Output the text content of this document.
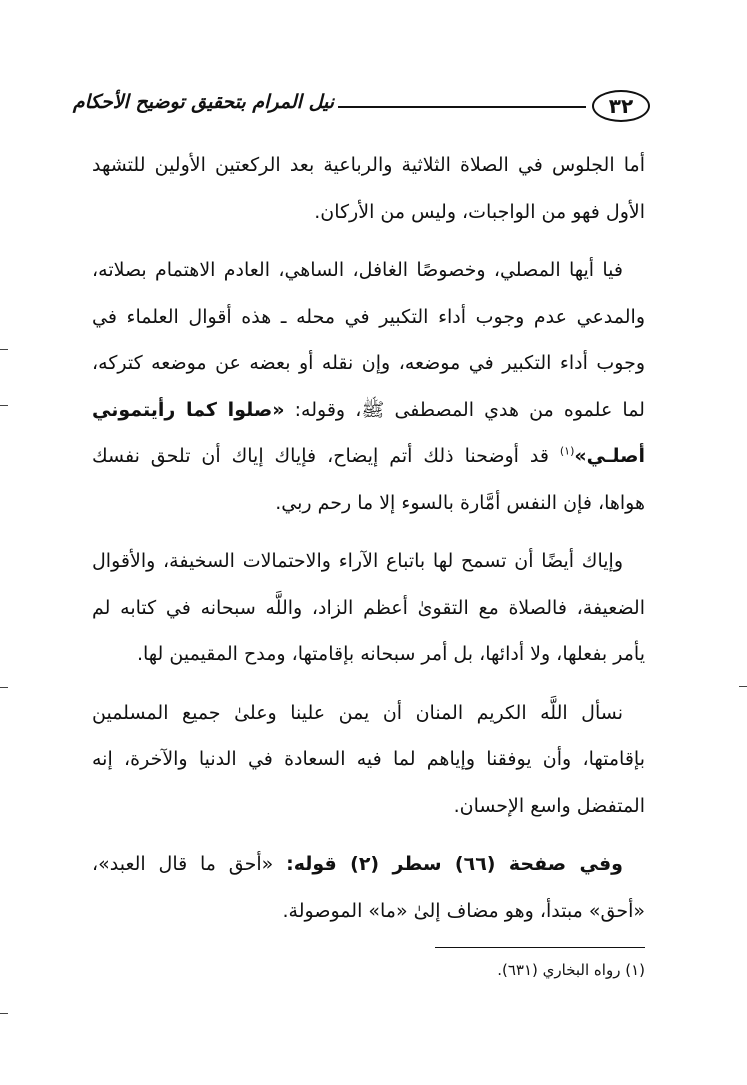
٣٢
نيل المرام بتحقيق توضيح الأحكام

أما الجلوس في الصلاة الثلاثية والرباعية بعد الركعتين الأولين للتشهد الأول فهو من الواجبات، وليس من الأركان.

فيا أيها المصلي، وخصوصًا الغافل، الساهي، العادم الاهتمام بصلاته، والمدعي عدم وجوب أداء التكبير في محله ـ هذه أقوال العلماء في وجوب أداء التكبير في موضعه، وإن نقله أو بعضه عن موضعه كتركه، لما علموه من هدي المصطفى ﷺ، وقوله: «صلوا كما رأيتموني أصلـي»$^{(١)}$ قد أوضحنا ذلك أتم إيضاح، فإياك إياك أن تلحق نفسك هواها، فإن النفس أمَّارة بالسوء إلا ما رحم ربي.

وإياك أيضًا أن تسمح لها باتباع الآراء والاحتمالات السخيفة، والأقوال الضعيفة، فالصلاة مع التقوىٰ أعظم الزاد، واللَّه سبحانه في كتابه لم يأمر بفعلها، ولا أدائها، بل أمر سبحانه بإقامتها، ومدح المقيمين لها.

نسأل اللَّه الكريم المنان أن يمن علينا وعلىٰ جميع المسلمين بإقامتها، وأن يوفقنا وإياهم لما فيه السعادة في الدنيا والآخرة، إنه المتفضل واسع الإحسان.

وفي صفحة (٦٦) سطر (٢) قوله: «أحق ما قال العبد»، «أحق» مبتدأ، وهو مضاف إلىٰ «ما» الموصولة.

(١) رواه البخاري (٦٣١).
